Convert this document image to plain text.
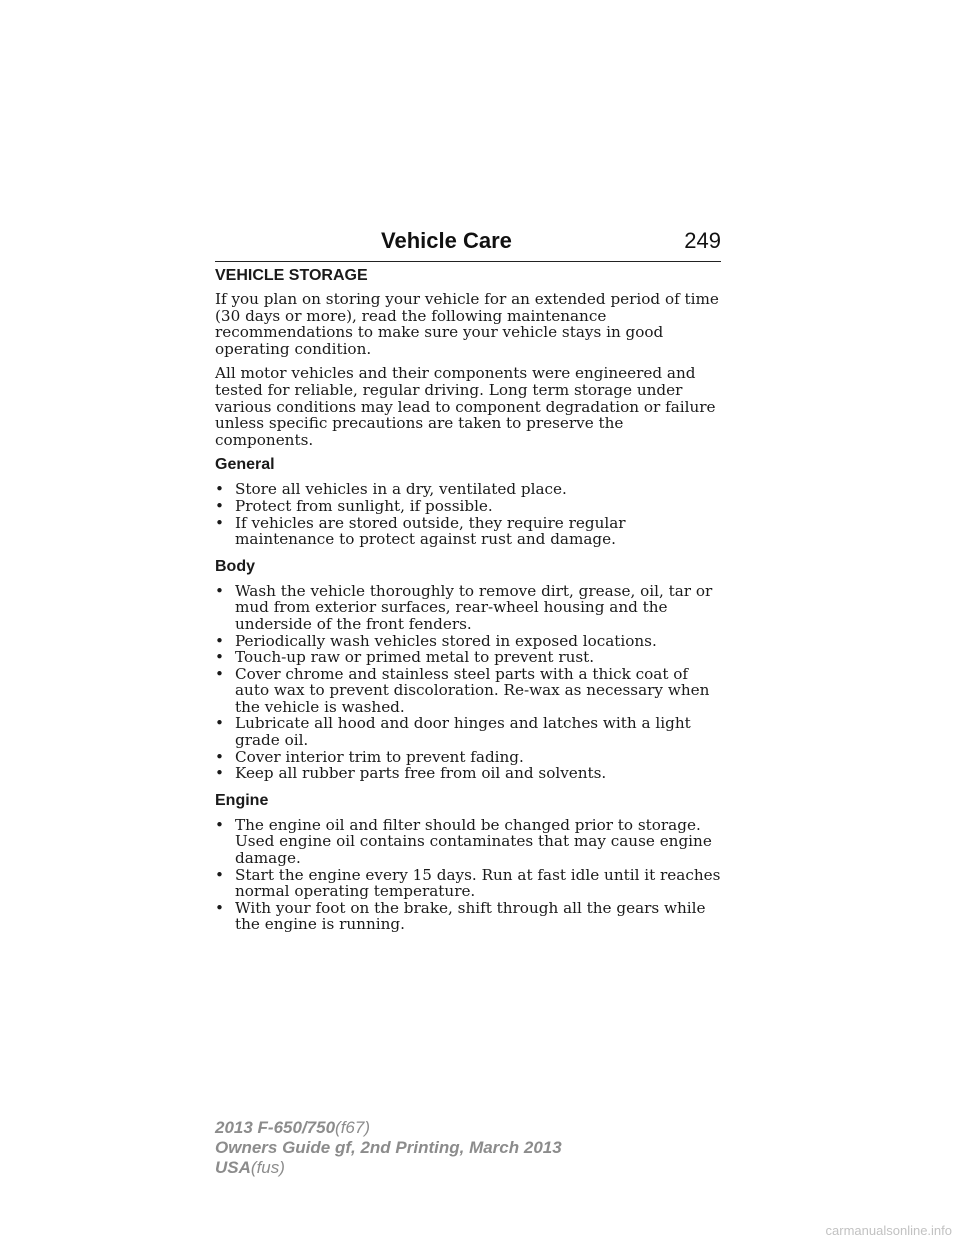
Vehicle Care	249
VEHICLE STORAGE

If you plan on storing your vehicle for an extended period of time (30 days or more), read the following maintenance recommendations to make sure your vehicle stays in good operating condition.

All motor vehicles and their components were engineered and tested for reliable, regular driving. Long term storage under various conditions may lead to component degradation or failure unless specific precautions are taken to preserve the components.

General
• Store all vehicles in a dry, ventilated place.
• Protect from sunlight, if possible.
• If vehicles are stored outside, they require regular maintenance to protect against rust and damage.
Body
• Wash the vehicle thoroughly to remove dirt, grease, oil, tar or mud from exterior surfaces, rear-wheel housing and the underside of the front fenders.
• Periodically wash vehicles stored in exposed locations.
• Touch-up raw or primed metal to prevent rust.
• Cover chrome and stainless steel parts with a thick coat of auto wax to prevent discoloration. Re-wax as necessary when the vehicle is washed.
• Lubricate all hood and door hinges and latches with a light grade oil.
• Cover interior trim to prevent fading.
• Keep all rubber parts free from oil and solvents.
Engine
• The engine oil and filter should be changed prior to storage. Used engine oil contains contaminates that may cause engine damage.
• Start the engine every 15 days. Run at fast idle until it reaches normal operating temperature.
• With your foot on the brake, shift through all the gears while the engine is running.
2013 F-650/750(f67)
Owners Guide gf, 2nd Printing, March 2013
USA(fus)
carmanualsonline.info
